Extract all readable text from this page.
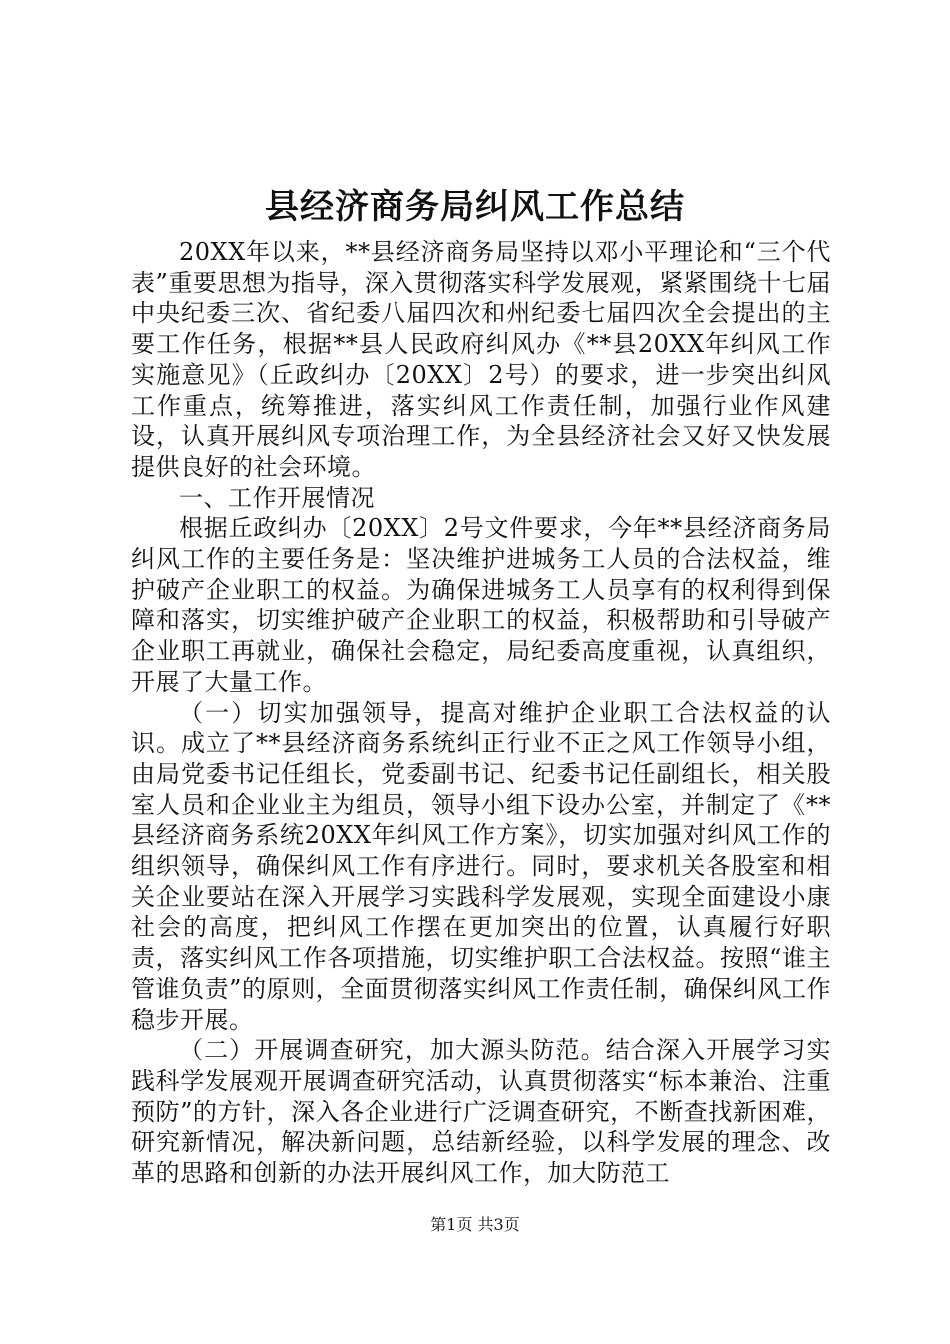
县经济商务局纠风工作总结

20XX年以来，**县经济商务局坚持以邓小平理论和“三个代表”重要思想为指导，深入贯彻落实科学发展观，紧紧围绕十七届中央纪委三次、省纪委八届四次和州纪委七届四次全会提出的主要工作任务，根据**县人民政府纠风办《**县20XX年纠风工作实施意见》（丘政纠办〔20XX〕2号）的要求，进一步突出纠风工作重点，统筹推进，落实纠风工作责任制，加强行业作风建设，认真开展纠风专项治理工作，为全县经济社会又好又快发展提供良好的社会环境。

一、工作开展情况

根据丘政纠办〔20XX〕2号文件要求，今年**县经济商务局纠风工作的主要任务是：坚决维护进城务工人员的合法权益，维护破产企业职工的权益。为确保进城务工人员享有的权利得到保障和落实，切实维护破产企业职工的权益，积极帮助和引导破产企业职工再就业，确保社会稳定，局纪委高度重视，认真组织，开展了大量工作。

（一）切实加强领导，提高对维护企业职工合法权益的认识。成立了**县经济商务系统纠正行业不正之风工作领导小组，由局党委书记任组长，党委副书记、纪委书记任副组长，相关股室人员和企业业主为组员，领导小组下设办公室，并制定了《**县经济商务系统20XX年纠风工作方案》，切实加强对纠风工作的组织领导，确保纠风工作有序进行。同时，要求机关各股室和相关企业要站在深入开展学习实践科学发展观，实现全面建设小康社会的高度，把纠风工作摆在更加突出的位置，认真履行好职责，落实纠风工作各项措施，切实维护职工合法权益。按照“谁主管谁负责”的原则，全面贯彻落实纠风工作责任制，确保纠风工作稳步开展。

（二）开展调查研究，加大源头防范。结合深入开展学习实践科学发展观开展调查研究活动，认真贯彻落实“标本兼治、注重预防”的方针，深入各企业进行广泛调查研究，不断查找新困难，研究新情况，解决新问题，总结新经验，以科学发展的理念、改革的思路和创新的办法开展纠风工作，加大防范工

第1页 共3页
